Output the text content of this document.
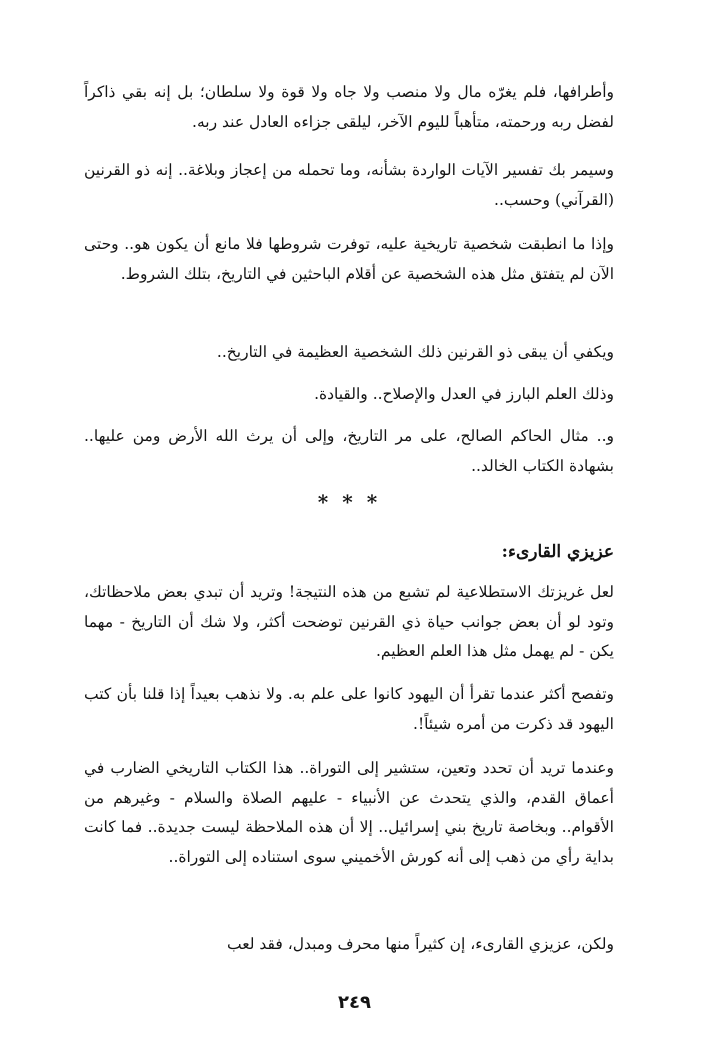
وأطرافها، فلم يغرّه مال ولا منصب ولا جاه ولا قوة ولا سلطان؛ بل إنه بقي ذاكراً لفضل ربه ورحمته، متأهباً لليوم الآخر، ليلقى جزاءه العادل عند ربه.

وسيمر بك تفسير الآيات الواردة بشأنه، وما تحمله من إعجاز وبلاغة.. إنه ذو القرنين (القرآني) وحسب..

وإذا ما انطبقت شخصية تاريخية عليه، توفرت شروطها فلا مانع أن يكون هو.. وحتى الآن لم يتفتق مثل هذه الشخصية عن أقلام الباحثين في التاريخ، بتلك الشروط.

ويكفي أن يبقى ذو القرنين ذلك الشخصية العظيمة في التاريخ..

وذلك العلم البارز في العدل والإصلاح.. والقيادة.

و.. مثال الحاكم الصالح، على مر التاريخ، وإلى أن يرث الله الأرض ومن عليها.. بشهادة الكتاب الخالد..

***
عزيزي القارىء:

لعل غريزتك الاستطلاعية لم تشبع من هذه النتيجة! وتريد أن تبدي بعض ملاحظاتك، وتود لو أن بعض جوانب حياة ذي القرنين توضحت أكثر، ولا شك أن التاريخ - مهما يكن - لم يهمل مثل هذا العلم العظيم.

وتفصح أكثر عندما تقرأ أن اليهود كانوا على علم به. ولا نذهب بعيداً إذا قلنا بأن كتب اليهود قد ذكرت من أمره شيئاً!.

وعندما تريد أن تحدد وتعين، ستشير إلى التوراة.. هذا الكتاب التاريخي الضارب في أعماق القدم، والذي يتحدث عن الأنبياء - عليهم الصلاة والسلام - وغيرهم من الأقوام.. وبخاصة تاريخ بني إسرائيل.. إلا أن هذه الملاحظة ليست جديدة.. فما كانت بداية رأي من ذهب إلى أنه كورش الأخميني سوى استناده إلى التوراة..

ولكن، عزيزي القارىء، إن كثيراً منها محرف ومبدل، فقد لعب

٢٤٩
